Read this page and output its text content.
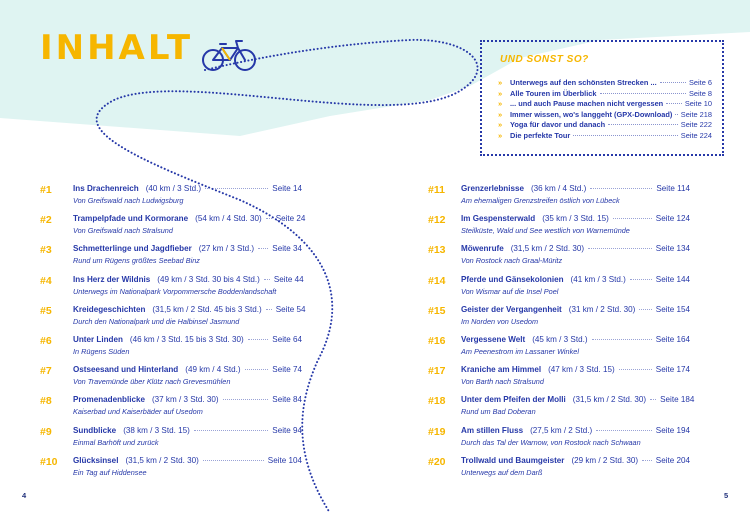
INHALT	UND SONST SO?
»	Unterwegs auf den schönsten Strecken ...	Seite 6
»	Alle Touren im Überblick	Seite 8
»	... und auch Pause machen nicht vergessen	Seite 10
»	Immer wissen, wo's langgeht (GPX-Download) Seite 218
»	Yoga für davor und danach	Seite 222
»	Die perfekte Tour	Seite 224
#1	Ins Drachenreich (40 km / 3 Std.)	Seite 14
Von Greifswald nach Ludwigsburg
#2	Trampelpfade und Kormorane (54 km / 4 Std. 30) Seite 24
Von Greifswald nach Stralsund
#3	Schmetterlinge und Jagdfieber (27 km / 3 Std.) Seite 34
Rund um Rügens größtes Seebad Binz
#4	Ins Herz der Wildnis (49 km / 3 Std. 30 bis 4 Std.) Seite 44
Unterwegs im Nationalpark Vorpommersche Boddenlandschaft
#5	Kreidegeschichten (31,5 km / 2 Std. 45 bis 3 Std.) Seite 54
Durch den Nationalpark und die Halbinsel Jasmund
#6	Unter Linden (46 km / 3 Std. 15 bis 3 Std. 30)	Seite 64
In Rügens Süden
#7	Ostseesand und Hinterland (49 km / 4 Std.)	Seite 74
Von Travemünde über Klütz nach Grevesmühlen
#8	Promenadenblicke (37 km / 3 Std. 30)	Seite 84
Kaiserbad und Kaiserbäder auf Usedom
#9	Sundblicke (38 km / 3 Std. 15)	Seite 94
Einmal Barhöft und zurück
#10 Glücksinsel (31,5 km / 2 Std. 30)	Seite 104
Ein Tag auf Hiddensee
#11 Grenzerlebnisse (36 km / 4 Std.)	Seite 114
Am ehemaligen Grenzstreifen östlich von Lübeck
#12 Im Gespensterwald (35 km / 3 Std. 15)	Seite 124
Steilküste, Wald und See westlich von Warnemünde
#13 Möwenrufe (31,5 km / 2 Std. 30)	Seite 134
Von Rostock nach Graal-Müritz
#14 Pferde und Gänsekolonien (41 km / 3 Std.)	Seite 144
Von Wismar auf die Insel Poel
#15 Geister der Vergangenheit (31 km / 2 Std. 30)	Seite 154
Im Norden von Usedom
#16 Vergessene Welt (45 km / 3 Std.)	Seite 164
Am Peenestrom im Lassaner Winkel
#17 Kraniche am Himmel (47 km / 3 Std. 15)	Seite 174
Von Barth nach Stralsund
#18 Unter dem Pfeifen der Molli (31,5 km / 2 Std. 30) Seite 184
Rund um Bad Doberan
#19 Am stillen Fluss (27,5 km / 2 Std.)	Seite 194
Durch das Tal der Warnow, von Rostock nach Schwaan
#20 Trollwald und Baumgeister (29 km / 2 Std. 30) Seite 204
Unterwegs auf dem Darß
4	5
